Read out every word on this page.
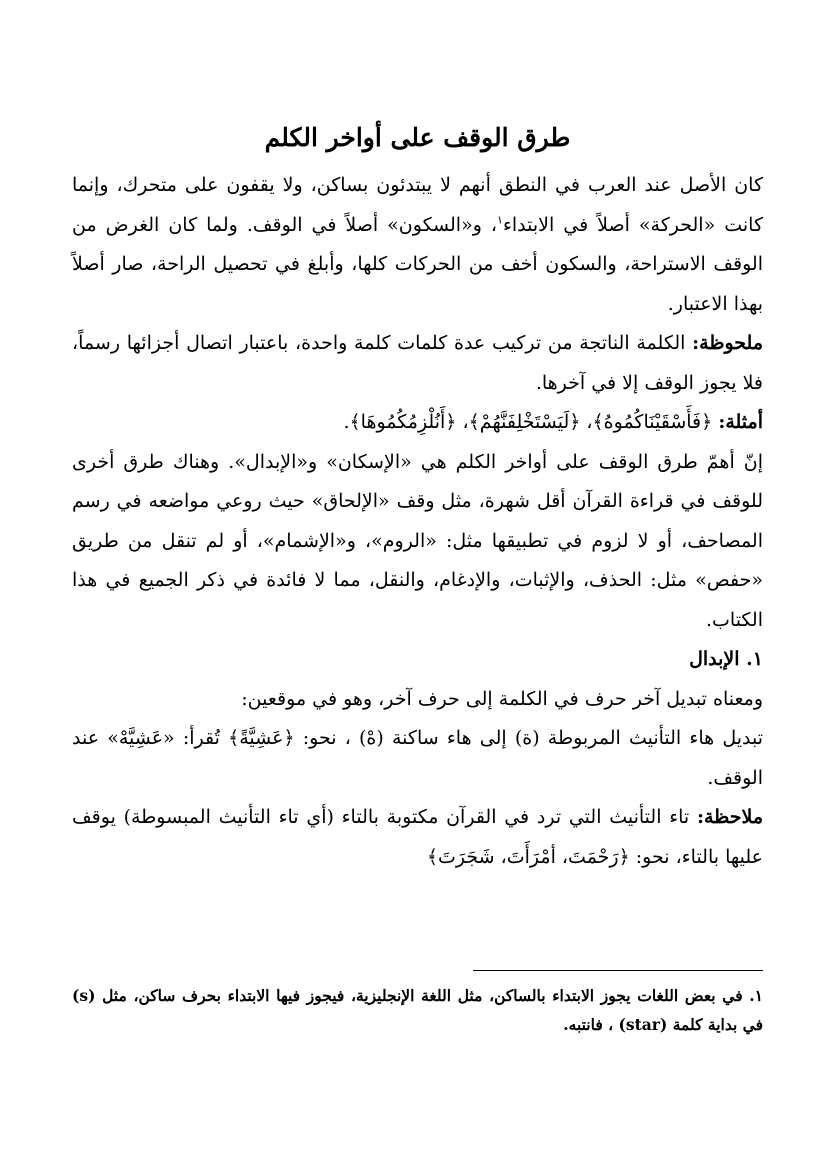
طرق الوقف على أواخر الكلم

كان الأصل عند العرب في النطق أنهم لا يبتدئون بساكن، ولا يقفون على متحرك، وإنما كانت «الحركة» أصلاً في الابتداء$^١$، و«السكون» أصلاً في الوقف. ولما كان الغرض من الوقف الاستراحة، والسكون أخف من الحركات كلها، وأبلغ في تحصيل الراحة، صار أصلاً بهذا الاعتبار.

ملحوظة: الكلمة الناتجة من تركيب عدة كلمات كلمة واحدة، باعتبار اتصال أجزائها رسماً، فلا يجوز الوقف إلا في آخرها.

أمثلة: ﴿فَأَسْقَيْنَاكُمُوهُ﴾، ﴿لَيَسْتَخْلِفَنَّهُمْ﴾، ﴿أَنُلْزِمُكُمُوهَا﴾.

إنّ أهمّ طرق الوقف على أواخر الكلم هي «الإسكان» و«الإبدال». وهناك طرق أخرى للوقف في قراءة القرآن أقل شهرة، مثل وقف «الإلحاق» حيث روعي مواضعه في رسم المصاحف، أو لا لزوم في تطبيقها مثل: «الروم»، و«الإشمام»، أو لم تنقل من طريق «حفص» مثل: الحذف، والإثبات، والإدغام، والنقل، مما لا فائدة في ذكر الجميع في هذا الكتاب.

١. الإبدال

ومعناه تبديل آخر حرف في الكلمة إلى حرف آخر، وهو في موقعين:

تبديل هاء التأنيث المربوطة (ة) إلى هاء ساكنة (هْ) ، نحو: ﴿عَشِيَّةً﴾ تُقرأ: «عَشِيَّهْ» عند الوقف.

ملاحظة: تاء التأنيث التي ترد في القرآن مكتوبة بالتاء (أي تاء التأنيث المبسوطة) يوقف عليها بالتاء، نحو: ﴿رَحْمَتَ، أمْرَأَتَ، شَجَرَتَ﴾

١. في بعض اللغات يجوز الابتداء بالساكن، مثل اللغة الإنجليزية، فيجوز فيها الابتداء بحرف ساكن، مثل (s) في بداية كلمة (star) ، فانتبه.
